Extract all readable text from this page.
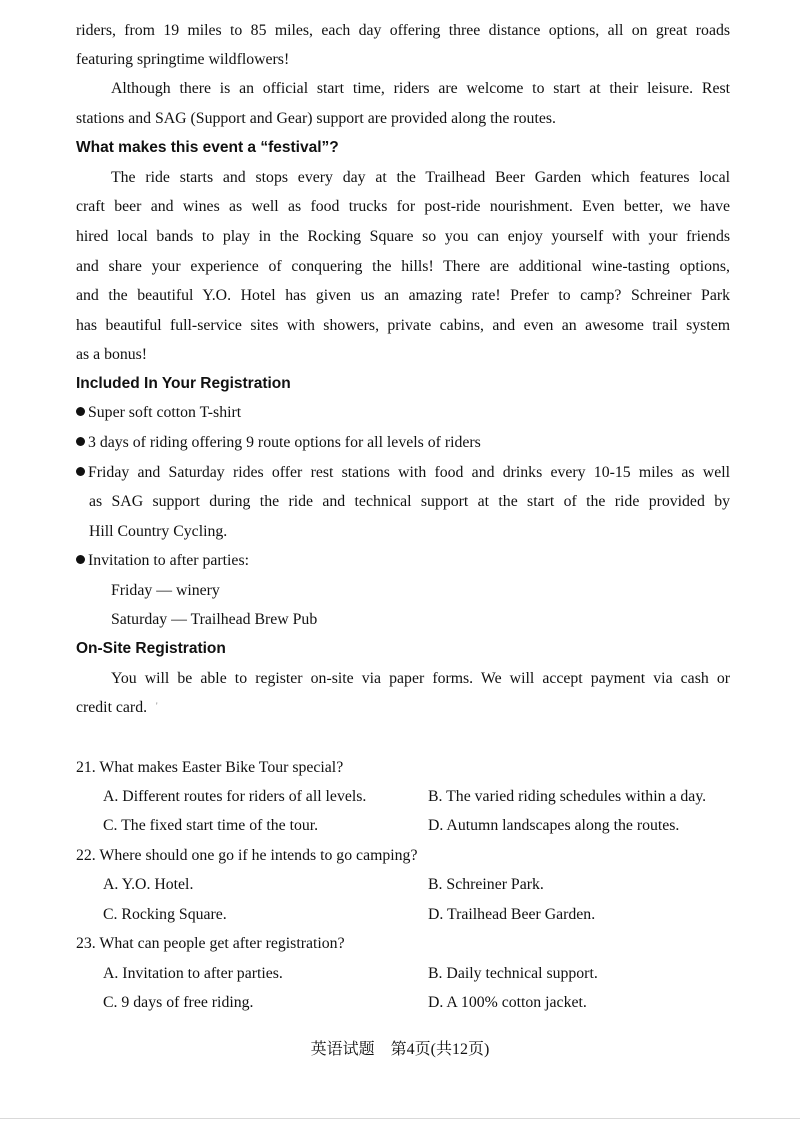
riders, from 19 miles to 85 miles, each day offering three distance options, all on great roads
featuring springtime wildflowers!
Although there is an official start time, riders are welcome to start at their leisure. Rest
stations and SAG (Support and Gear) support are provided along the routes.
What makes this event a “festival”?
The ride starts and stops every day at the Trailhead Beer Garden which features local
craft beer and wines as well as food trucks for post-ride nourishment. Even better, we have
hired local bands to play in the Rocking Square so you can enjoy yourself with your friends
and share your experience of conquering the hills! There are additional wine-tasting options,
and the beautiful Y.O. Hotel has given us an amazing rate! Prefer to camp? Schreiner Park
has beautiful full-service sites with showers, private cabins, and even an awesome trail system
as a bonus!
Included In Your Registration
Super soft cotton T-shirt
3 days of riding offering 9 route options for all levels of riders
Friday and Saturday rides offer rest stations with food and drinks every 10-15 miles as well
as SAG support during the ride and technical support at the start of the ride provided by
Hill Country Cycling.
Invitation to after parties:
Friday — winery
Saturday — Trailhead Brew Pub
On-Site Registration
You will be able to register on-site via paper forms. We will accept payment via cash or
credit card. '
21. What makes Easter Bike Tour special?
A. Different routes for riders of all levels.	B. The varied riding schedules within a day.
C. The fixed start time of the tour.	D. Autumn landscapes along the routes.
22. Where should one go if he intends to go camping?
A. Y.O. Hotel.	B. Schreiner Park.
C. Rocking Square.	D. Trailhead Beer Garden.
23. What can people get after registration?
A. Invitation to after parties.	B. Daily technical support.
C. 9 days of free riding.	D. A 100% cotton jacket.
英语试题　第4页(共12页)
